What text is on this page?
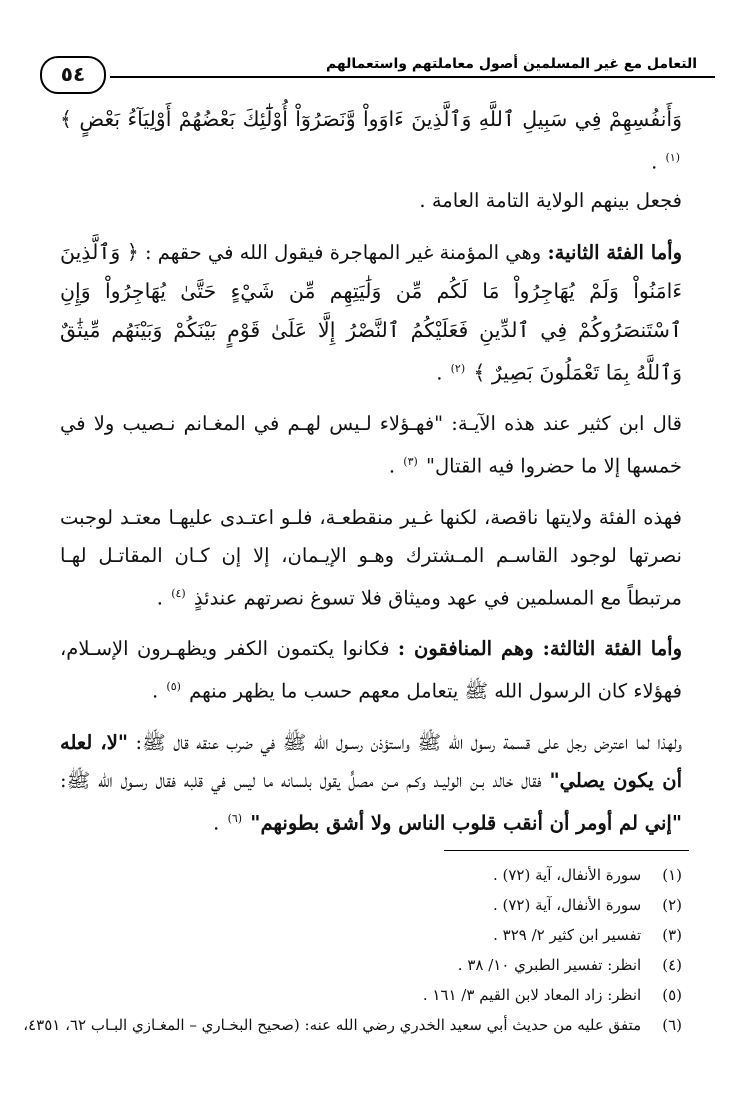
التعامل مع غير المسلمين أصول معاملتهم واستعمالهم
٥٤

وَأَنفُسِهِمْ فِي سَبِيلِ ٱللَّهِ وَٱلَّذِينَ ءَاوَواْ وَّنَصَرُوٓاْ أُوْلَٰٓئِكَ بَعْضُهُمْ أَوْلِيَآءُ بَعْضٍ ﴾ $^{(١)}$ .
فجعل بينهم الولاية التامة العامة .

وأما الفئة الثانية: وهي المؤمنة غير المهاجرة فيقول الله في حقهم : ﴿ وَٱلَّذِينَ ءَامَنُواْ وَلَمْ يُهَاجِرُواْ مَا لَكُم مِّن وَلَٰيَتِهِم مِّن شَيْءٍ حَتَّىٰ يُهَاجِرُواْ وَإِنِ ٱسْتَنصَرُوكُمْ فِي ٱلدِّينِ فَعَلَيْكُمُ ٱلنَّصْرُ إِلَّا عَلَىٰ قَوْمٍ بَيْنَكُمْ وَبَيْنَهُم مِّيثَٰقٌ وَٱللَّهُ بِمَا تَعْمَلُونَ بَصِيرٌ ﴾ $^{(٢)}$ .

قال ابن كثير عند هذه الآيـة: "فهـؤلاء لـيس لهـم في المغـانم نـصيب ولا في خمسها إلا ما حضروا فيه القتال" $^{(٣)}$ .

فهذه الفئة ولايتها ناقصة، لكنها غـير منقطعـة، فلـو اعتـدى عليهـا معتـد لوجبت نصرتها لوجود القاسـم المـشترك وهـو الإيـمان، إلا إن كـان المقاتـل لهـا مرتبطاً مع المسلمين في عهد وميثاق فلا تسوغ نصرتهم عندئذٍ $^{(٤)}$ .

وأما الفئة الثالثة: وهم المنافقون : فكانوا يكتمون الكفر ويظهـرون الإسـلام، فهؤلاء كان الرسول الله ﷺ يتعامل معهم حسب ما يظهر منهم $^{(٥)}$ .

ولهذا لما اعترض رجل على قسمة رسول الله ﷺ واستؤذن رسـول الله ﷺ في ضرب عنقه قال ﷺ: "لا، لعله أن يكون يصلي" فقال خالد بـن الوليـد وكـم مـن مصلٍّ يقول بلسانه ما ليس في قلبه فقال رسـول الله ﷺ: "إني لم أومر أن أنقب قلوب الناس ولا أشق بطونهم" $^{(٦)}$ .

(١) سورة الأنفال، آية (٧٢) .
(٢) سورة الأنفال، آية (٧٢) .
(٣) تفسير ابن كثير ٢/ ٣٢٩ .
(٤) انظر: تفسير الطبري ١٠/ ٣٨ .
(٥) انظر: زاد المعاد لابن القيم ٣/ ١٦١ .
(٦) متفق عليه من حديث أبي سعيد الخدري رضي الله عنه: (صحيح البخـاري – المغـازي البـاب ٦٢، ٤٣٥١،
